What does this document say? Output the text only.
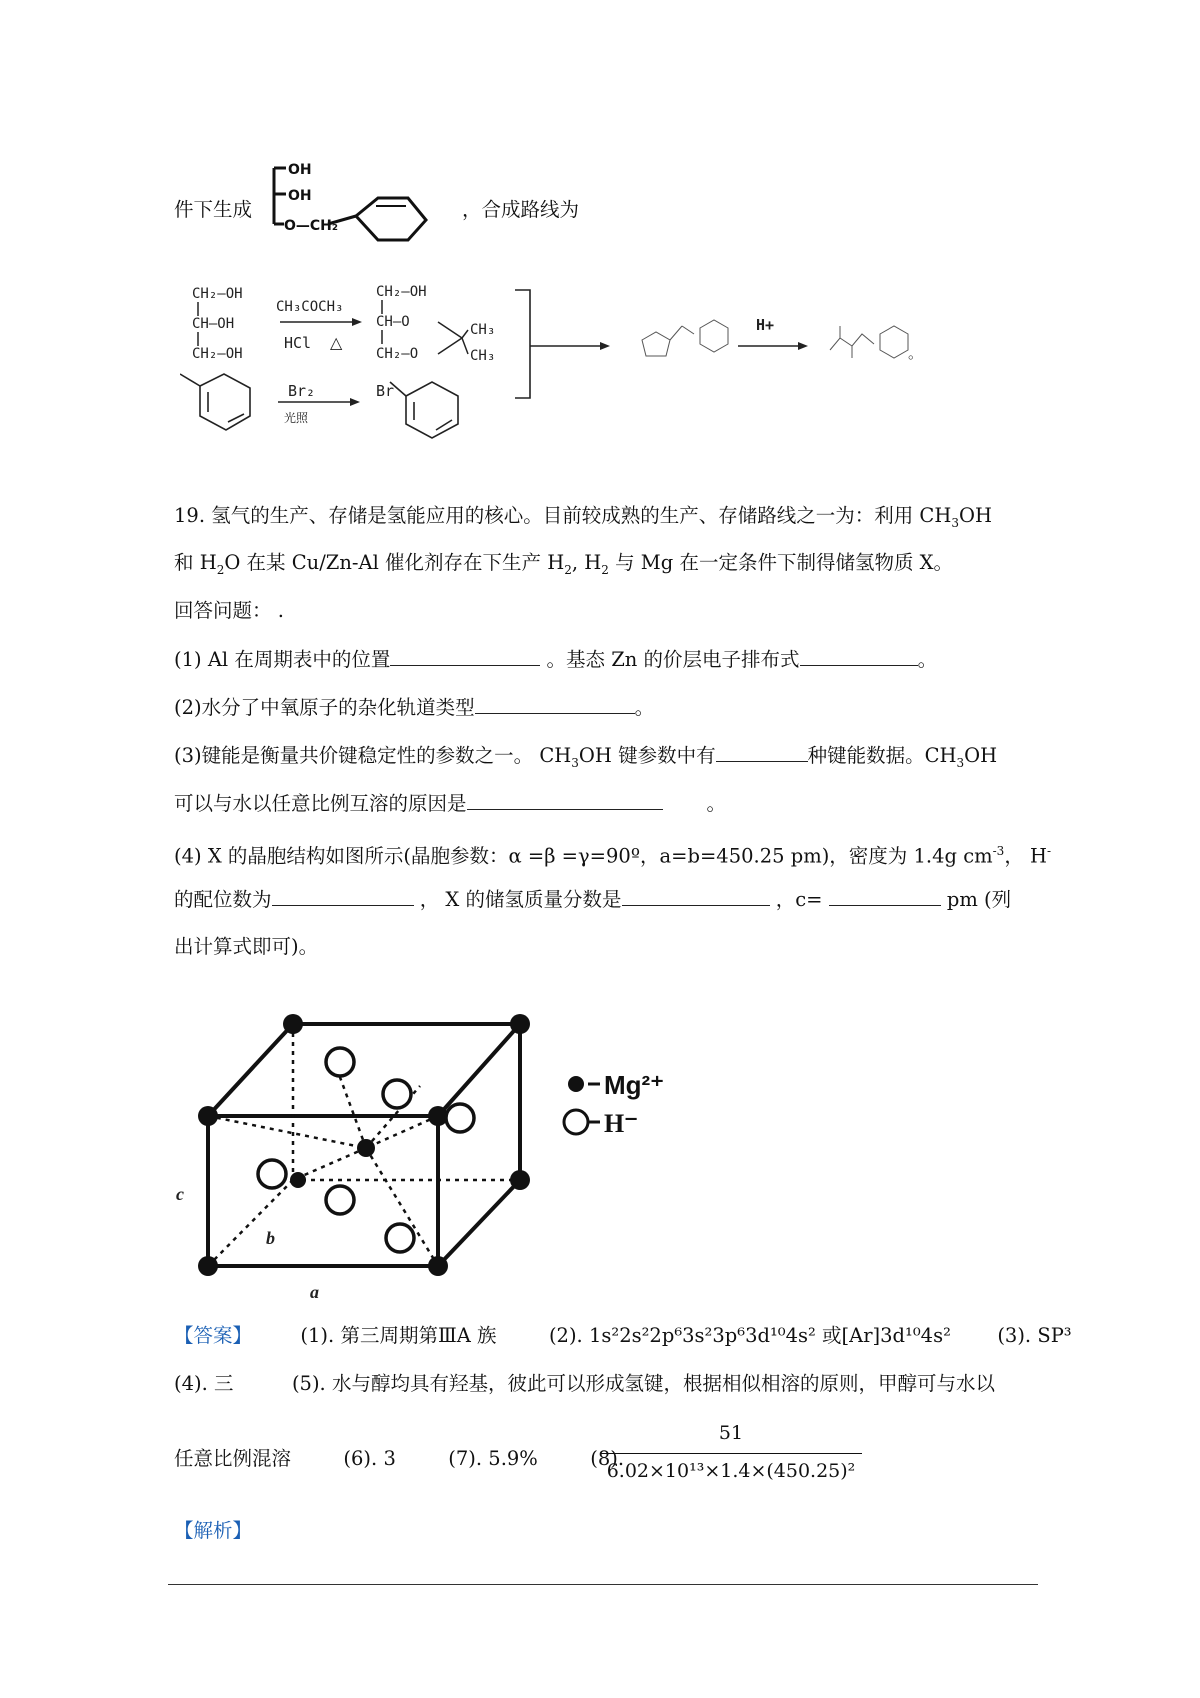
件下生成
OH
OH
O—CH₂
，合成路线为
CH₂—OH
CH—OH
CH₂—OH
CH₃COCH₃
HCl △
CH₂—OH
CH—O
CH₂—O
CH₃
CH₃
Br₂
光照
Br
H+
。
19. 氢气的生产、存储是氢能应用的核心。目前较成熟的生产、存储路线之一为：利用 $CH_3OH$
和 $H_2O$ 在某 Cu/Zn-Al 催化剂存在下生产 $H_2$, $H_2$ 与 Mg 在一定条件下制得储氢物质 X。
回答问题： .
(1) Al 在周期表中的位置	。基态 Zn 的价层电子排布式	。
(2)水分了中氧原子的杂化轨道类型	。
(3)键能是衡量共价键稳定性的参数之一。 $CH_3OH$ 键参数中有	种键能数据。$CH_3OH$
可以与水以任意比例互溶的原因是	。
(4) X 的晶胞结构如图所示(晶胞参数：α =β =γ=90º，a=b=450.25 pm)，密度为 1.4g $cm^{-3}$， H-
的配位数为	， X 的储氢质量分数是	，c=	pm (列
出计算式即可)。
Mg²⁺
H⁻
c
b
a
【答案】 (1). 第三周期第ⅢA 族	(2). 1s²2s²2p⁶3s²3p⁶3d¹⁰4s² 或[Ar]3d¹⁰4s² (3). SP³
(4). 三	(5). 水与醇均具有羟基，彼此可以形成氢键，根据相似相溶的原则，甲醇可与水以
任意比例混溶	(6). 3	(7). 5.9%	(8).
51
6.02×10¹³×1.4×(450.25)²
【解析】
